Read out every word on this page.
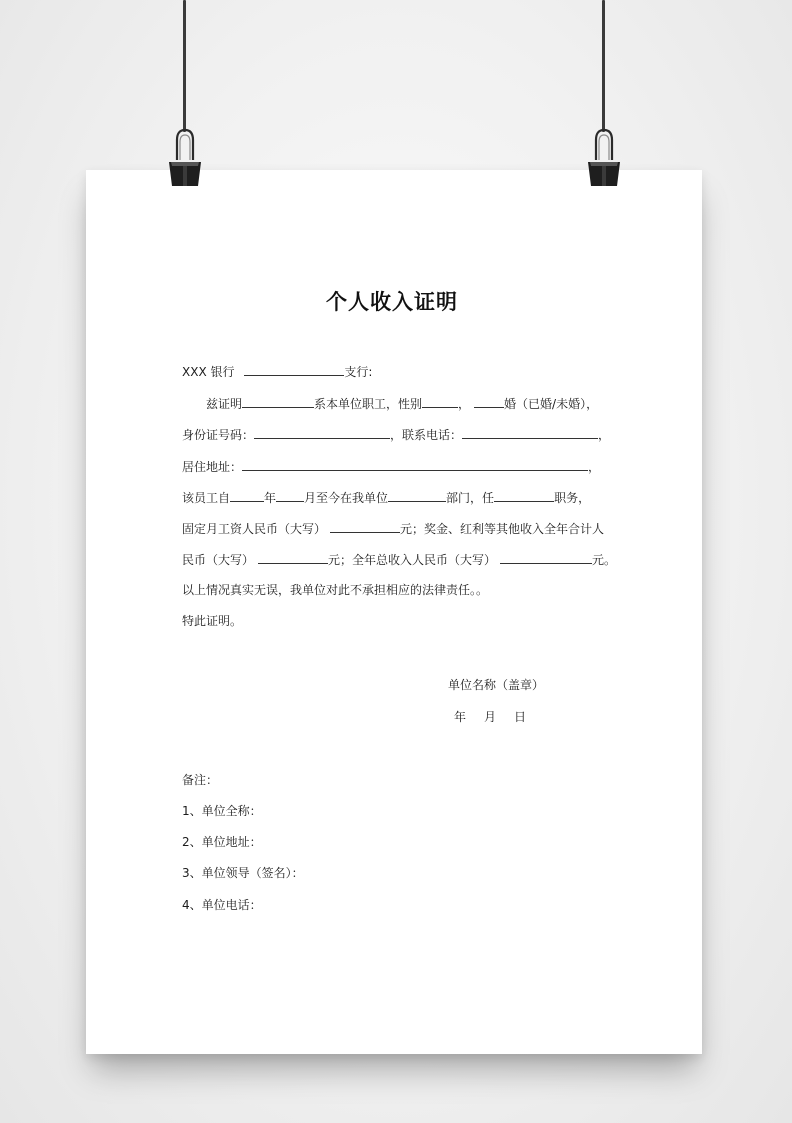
个人收入证明
XXX 银行	支行:
兹证明	系本单位职工，性别	，	婚（已婚/未婚），
身份证号码：	，联系电话：	，
居住地址：	，
该员工自	年 月至今在我单位	部门，任	职务，
固定月工资人民币（大写）	元；奖金、红利等其他收入全年合计人
民币（大写）	元；全年总收入人民币（大写）	元。
以上情况真实无误，我单位对此不承担相应的法律责任。。
特此证明。
单位名称（盖章）
年 月 日
备注：
1、单位全称：
2、单位地址：
3、单位领导（签名）：
4、单位电话：
